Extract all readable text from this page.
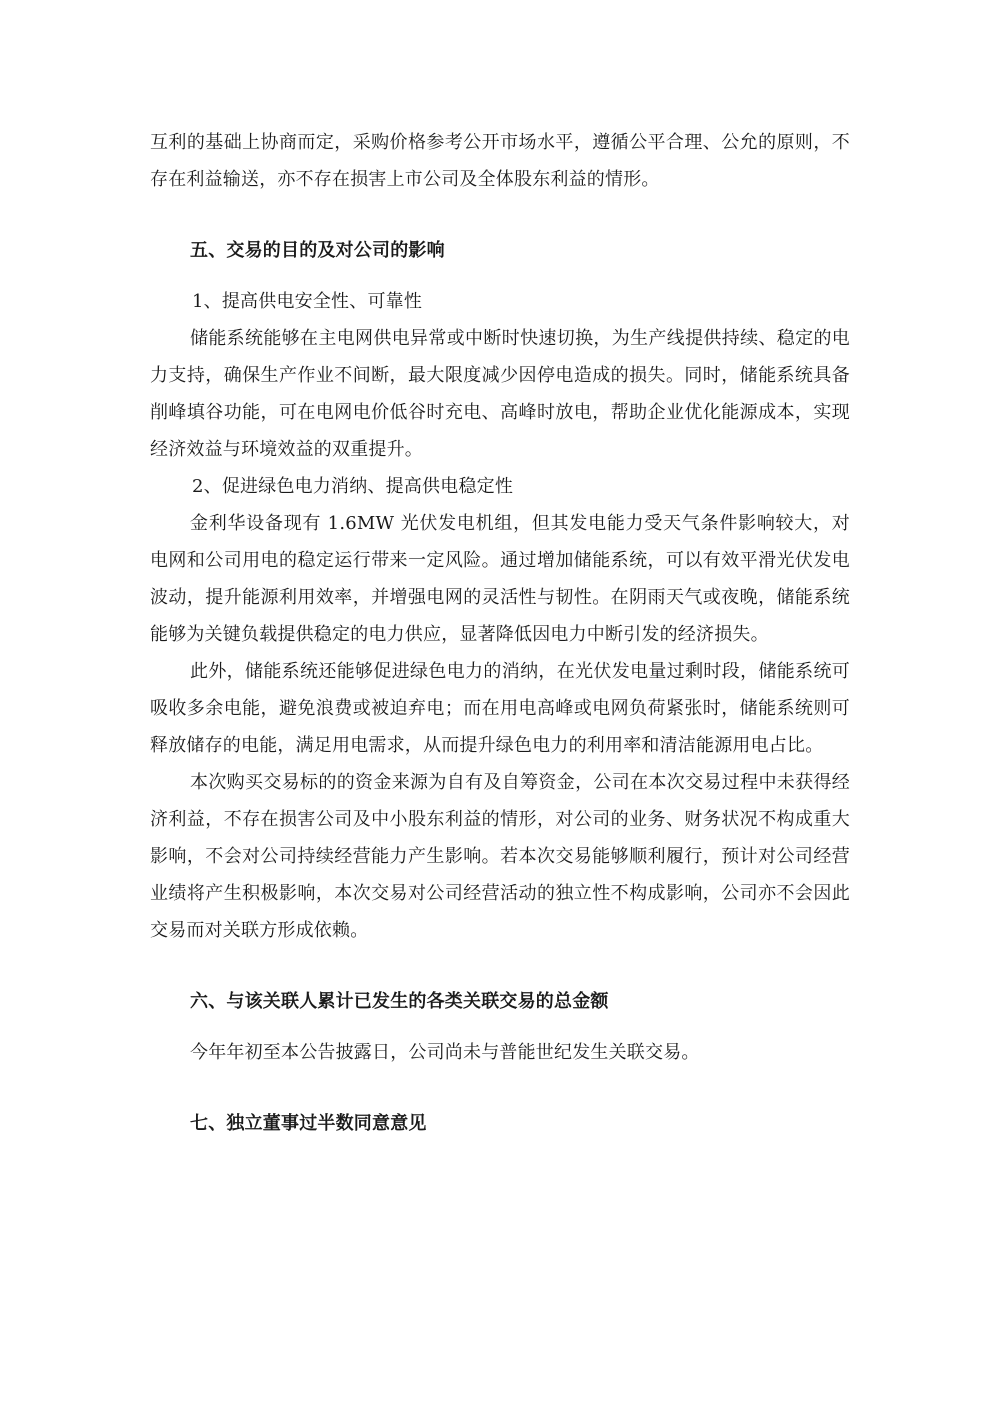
互利的基础上协商而定，采购价格参考公开市场水平，遵循公平合理、公允的原则，不存在利益输送，亦不存在损害上市公司及全体股东利益的情形。

五、交易的目的及对公司的影响

1、提高供电安全性、可靠性

储能系统能够在主电网供电异常或中断时快速切换，为生产线提供持续、稳定的电力支持，确保生产作业不间断，最大限度减少因停电造成的损失。同时，储能系统具备削峰填谷功能，可在电网电价低谷时充电、高峰时放电，帮助企业优化能源成本，实现经济效益与环境效益的双重提升。

2、促进绿色电力消纳、提高供电稳定性

金利华设备现有 1.6MW 光伏发电机组，但其发电能力受天气条件影响较大，对电网和公司用电的稳定运行带来一定风险。通过增加储能系统，可以有效平滑光伏发电波动，提升能源利用效率，并增强电网的灵活性与韧性。在阴雨天气或夜晚，储能系统能够为关键负载提供稳定的电力供应，显著降低因电力中断引发的经济损失。

此外，储能系统还能够促进绿色电力的消纳，在光伏发电量过剩时段，储能系统可吸收多余电能，避免浪费或被迫弃电；而在用电高峰或电网负荷紧张时，储能系统则可释放储存的电能，满足用电需求，从而提升绿色电力的利用率和清洁能源用电占比。

本次购买交易标的的资金来源为自有及自筹资金，公司在本次交易过程中未获得经济利益，不存在损害公司及中小股东利益的情形，对公司的业务、财务状况不构成重大影响，不会对公司持续经营能力产生影响。若本次交易能够顺利履行，预计对公司经营业绩将产生积极影响，本次交易对公司经营活动的独立性不构成影响，公司亦不会因此交易而对关联方形成依赖。

六、与该关联人累计已发生的各类关联交易的总金额

今年年初至本公告披露日，公司尚未与普能世纪发生关联交易。

七、独立董事过半数同意意见
